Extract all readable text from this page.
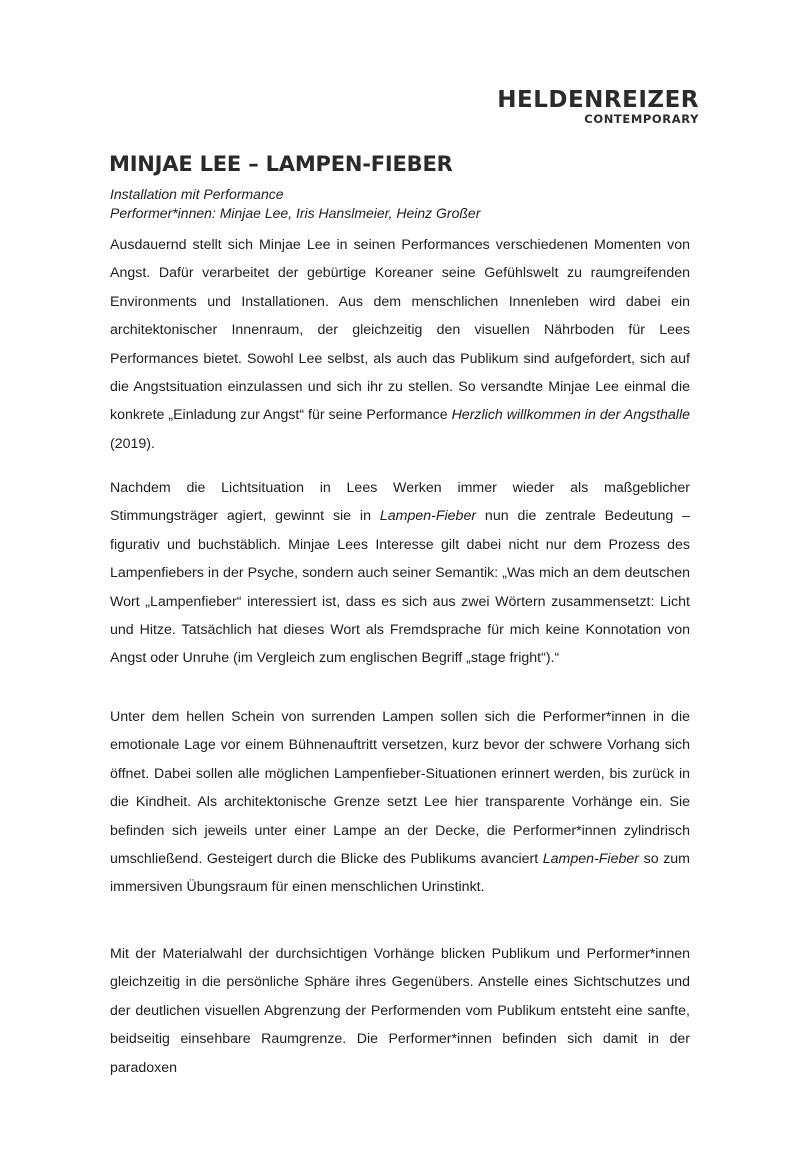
HELDENREIZER
CONTEMPORARY
MINJAE LEE – LAMPEN-FIEBER
Installation mit Performance
Performer*innen: Minjae Lee, Iris Hanslmeier, Heinz Großer

Ausdauernd stellt sich Minjae Lee in seinen Performances verschiedenen Momenten von Angst. Dafür verarbeitet der gebürtige Koreaner seine Gefühlswelt zu raumgreifenden Environments und Installationen. Aus dem menschlichen Innenleben wird dabei ein architektonischer Innenraum, der gleichzeitig den visuellen Nährboden für Lees Performances bietet. Sowohl Lee selbst, als auch das Publikum sind aufgefordert, sich auf die Angstsituation einzulassen und sich ihr zu stellen. So versandte Minjae Lee einmal die konkrete „Einladung zur Angst“ für seine Performance Herzlich willkommen in der Angsthalle (2019).

Nachdem die Lichtsituation in Lees Werken immer wieder als maßgeblicher Stimmungsträger agiert, gewinnt sie in Lampen-Fieber nun die zentrale Bedeutung – figurativ und buchstäblich. Minjae Lees Interesse gilt dabei nicht nur dem Prozess des Lampenfiebers in der Psyche, sondern auch seiner Semantik: „Was mich an dem deutschen Wort „Lampenfieber“ interessiert ist, dass es sich aus zwei Wörtern zusammensetzt: Licht und Hitze. Tatsächlich hat dieses Wort als Fremdsprache für mich keine Konnotation von Angst oder Unruhe (im Vergleich zum englischen Begriff „stage fright“).“

Unter dem hellen Schein von surrenden Lampen sollen sich die Performer*innen in die emotionale Lage vor einem Bühnenauftritt versetzen, kurz bevor der schwere Vorhang sich öffnet. Dabei sollen alle möglichen Lampenfieber-Situationen erinnert werden, bis zurück in die Kindheit. Als architektonische Grenze setzt Lee hier transparente Vorhänge ein. Sie befinden sich jeweils unter einer Lampe an der Decke, die Performer*innen zylindrisch umschließend. Gesteigert durch die Blicke des Publikums avanciert Lampen-Fieber so zum immersiven Übungsraum für einen menschlichen Urinstinkt.

Mit der Materialwahl der durchsichtigen Vorhänge blicken Publikum und Performer*innen gleichzeitig in die persönliche Sphäre ihres Gegenübers. Anstelle eines Sichtschutzes und der deutlichen visuellen Abgrenzung der Performenden vom Publikum entsteht eine sanfte, beidseitig einsehbare Raumgrenze. Die Performer*innen befinden sich damit in der paradoxen
